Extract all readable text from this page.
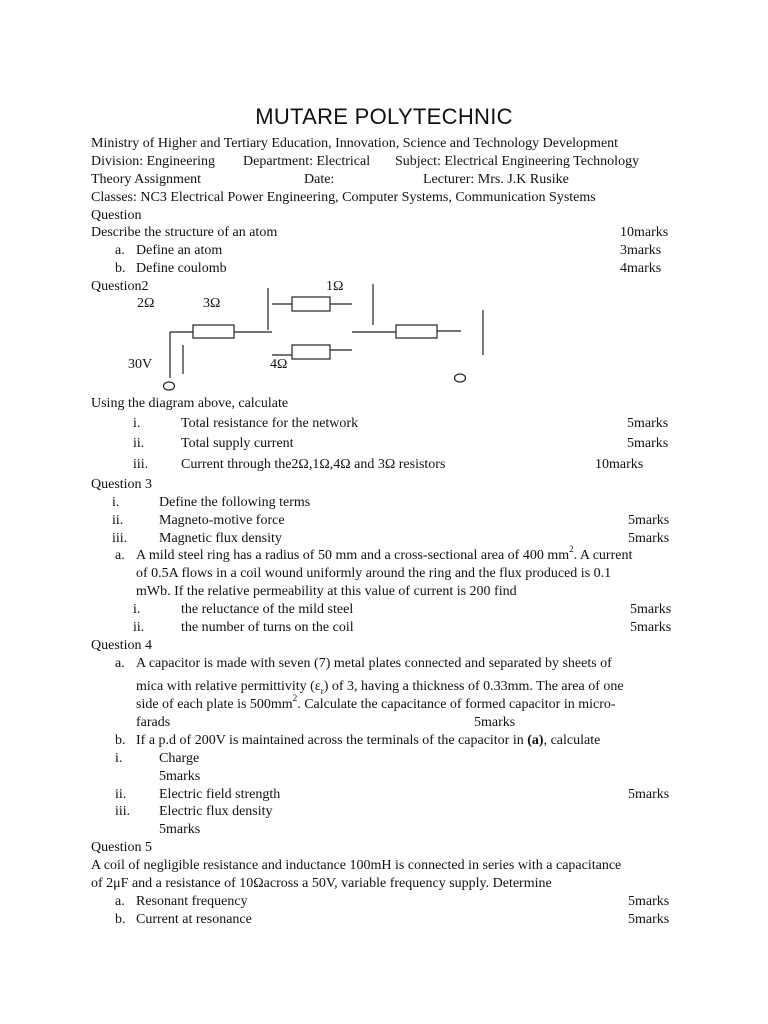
MUTARE POLYTECHNIC
Ministry of Higher and Tertiary Education, Innovation, Science and Technology Development
Division: Engineering Department: Electrical Subject: Electrical Engineering Technology
Theory Assignment	Date:	Lecturer: Mrs. J.K Rusike
Classes: NC3 Electrical Power Engineering, Computer Systems, Communication Systems
Question
Describe the structure of an atom	10marks
a. Define an atom	3marks
b. Define coulomb	4marks
Question2
2Ω	3Ω
1Ω
4Ω
30V
Using the diagram above, calculate
i.	Total resistance for the network	5marks
ii.	Total supply current	5marks
iii. Current through the2Ω,1Ω,4Ω and 3Ω resistors	10marks
Question 3
i.	Define the following terms
ii.	Magneto-motive force	5marks
iii. Magnetic flux density	5marks
a. A mild steel ring has a radius of 50 mm and a cross-sectional area of 400 $mm^2$. A current
of 0.5A flows in a coil wound uniformly around the ring and the flux produced is 0.1
mWb. If the relative permeability at this value of current is 200 find
i.	the reluctance of the mild steel	5marks
ii.	the number of turns on the coil	5marks
Question 4
a. A capacitor is made with seven (7) metal plates connected and separated by sheets of
mica with relative permittivity $(\varepsilon_r)$ of 3, having a thickness of 0.33mm. The area of one
side of each plate is $500mm^2$. Calculate the capacitance of formed capacitor in micro-
farads	5marks
b. If a p.d of 200V is maintained across the terminals of the capacitor in (a), calculate
i.	Charge
5marks
ii. Electric field strength	5marks
iii. Electric flux density
5marks
Question 5
A coil of negligible resistance and inductance 100mH is connected in series with a capacitance
of 2μF and a resistance of 10Ωacross a 50V, variable frequency supply. Determine
a. Resonant frequency	5marks
b. Current at resonance	5marks
